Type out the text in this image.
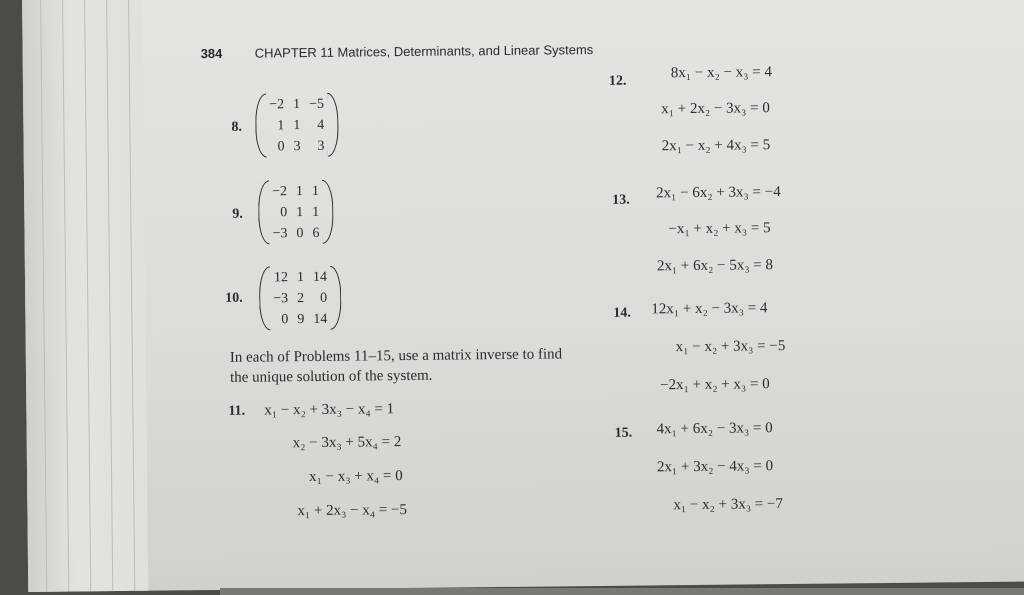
384 CHAPTER 11 Matrices, Determinants, and Linear Systems
8.
−2 1 −5
1 1	4
0 3	3
9.
−2 1 1
0 1 1
−3 0 6
10.
12 1 14
−3 2	0
0 9 14
In each of Problems 11–15, use a matrix inverse to find
the unique solution of the system.
11. x₁ − x₂ + 3x₃ − x₄ = 1
x₂ − 3x₃ + 5x₄ = 2
x₁ − x₃ + x₄ = 0
x₁ + 2x₃ − x₄ = −5
12.
8x₁ − x₂ − x₃ = 4
x₁ + 2x₂ − 3x₃ = 0
2x₁ − x₂ + 4x₃ = 5
13. 2x₁ − 6x₂ + 3x₃ = −4
−x₁ + x₂ + x₃ = 5
2x₁ + 6x₂ − 5x₃ = 8
14. 12x₁ + x₂ − 3x₃ = 4
x₁ − x₂ + 3x₃ = −5
−2x₁ + x₂ + x₃ = 0
15. 4x₁ + 6x₂ − 3x₃ = 0
2x₁ + 3x₂ − 4x₃ = 0
x₁ − x₂ + 3x₃ = −7
